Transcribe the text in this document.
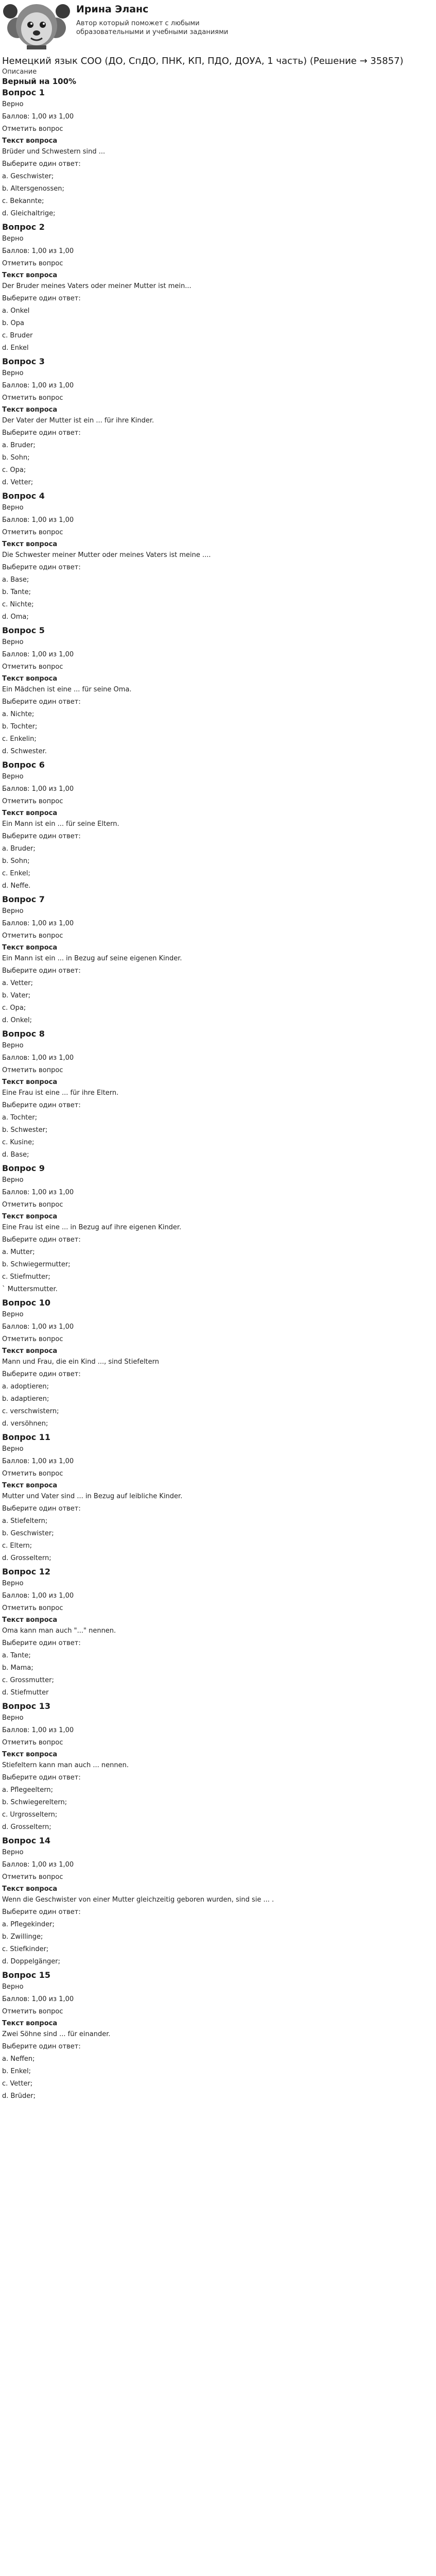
Ирина Эланс
Автор который поможет с любыми образовательными и учебными заданиями
Немецкий язык СОО (ДО, СпДО, ПНК, КП, ПДО, ДОУА, 1 часть) (Решение → 35857)
Описание
Верный на 100%
Вопрос 1
Верно
Баллов: 1,00 из 1,00
Отметить вопрос
Текст вопроса
Brüder und Schwestern sind ...
Выберите один ответ:
a. Geschwister;
b. Altersgenossen;
c. Bekannte;
d. Gleichaltrige;
Вопрос 2
Верно
Баллов: 1,00 из 1,00
Отметить вопрос
Текст вопроса
Der Bruder meines Vaters oder meiner Mutter ist mein...
Выберите один ответ:
a. Onkel
b. Opa
c. Bruder
d. Enkel
Вопрос 3
Верно
Баллов: 1,00 из 1,00
Отметить вопрос
Текст вопроса
Der Vater der Mutter ist ein ... für ihre Kinder.
Выберите один ответ:
a. Bruder;
b. Sohn;
c. Opa;
d. Vetter;
Вопрос 4
Верно
Баллов: 1,00 из 1,00
Отметить вопрос
Текст вопроса
Die Schwester meiner Mutter oder meines Vaters ist meine ....
Выберите один ответ:
a. Base;
b. Tante;
c. Nichte;
d. Oma;
Вопрос 5
Верно
Баллов: 1,00 из 1,00
Отметить вопрос
Текст вопроса
Ein Mädchen ist eine ... für seine Oma.
Выберите один ответ:
a. Nichte;
b. Tochter;
c. Enkelin;
d. Schwester.
Вопрос 6
Верно
Баллов: 1,00 из 1,00
Отметить вопрос
Текст вопроса
Ein Mann ist ein ... für seine Eltern.
Выберите один ответ:
a. Bruder;
b. Sohn;
c. Enkel;
d. Neffe.
Вопрос 7
Верно
Баллов: 1,00 из 1,00
Отметить вопрос
Текст вопроса
Ein Mann ist ein ... in Bezug auf seine eigenen Kinder.
Выберите один ответ:
a. Vetter;
b. Vater;
c. Opa;
d. Onkel;
Вопрос 8
Верно
Баллов: 1,00 из 1,00
Отметить вопрос
Текст вопроса
Eine Frau ist eine ... für ihre Eltern.
Выберите один ответ:
a. Tochter;
b. Schwester;
c. Kusine;
d. Base;
Вопрос 9
Верно
Баллов: 1,00 из 1,00
Отметить вопрос
Текст вопроса
Eine Frau ist eine ... in Bezug auf ihre eigenen Kinder.
Выберите один ответ:
a. Mutter;
b. Schwiegermutter;
c. Stiefmutter;
` Muttersmutter.
Вопрос 10
Верно
Баллов: 1,00 из 1,00
Отметить вопрос
Текст вопроса
Mann und Frau, die ein Kind ..., sind Stiefeltern
Выберите один ответ:
a. adoptieren;
b. adaptieren;
c. verschwistern;
d. versöhnen;
Вопрос 11
Верно
Баллов: 1,00 из 1,00
Отметить вопрос
Текст вопроса
Mutter und Vater sind ... in Bezug auf leibliche Kinder.
Выберите один ответ:
a. Stiefeltern;
b. Geschwister;
c. Eltern;
d. Grosseltern;
Вопрос 12
Верно
Баллов: 1,00 из 1,00
Отметить вопрос
Текст вопроса
Oma kann man auch "..." nennen.
Выберите один ответ:
a. Tante;
b. Mama;
c. Grossmutter;
d. Stiefmutter
Вопрос 13
Верно
Баллов: 1,00 из 1,00
Отметить вопрос
Текст вопроса
Stiefeltern kann man auch ... nennen.
Выберите один ответ:
a. Pflegeeltern;
b. Schwiegereltern;
c. Urgrosseltern;
d. Grosseltern;
Вопрос 14
Верно
Баллов: 1,00 из 1,00
Отметить вопрос
Текст вопроса
Wenn die Geschwister von einer Mutter gleichzeitig geboren wurden, sind sie ... .
Выберите один ответ:
a. Pflegekinder;
b. Zwillinge;
c. Stiefkinder;
d. Doppelgänger;
Вопрос 15
Верно
Баллов: 1,00 из 1,00
Отметить вопрос
Текст вопроса
Zwei Söhne sind ... für einander.
Выберите один ответ:
a. Neffen;
b. Enkel;
c. Vetter;
d. Brüder;
